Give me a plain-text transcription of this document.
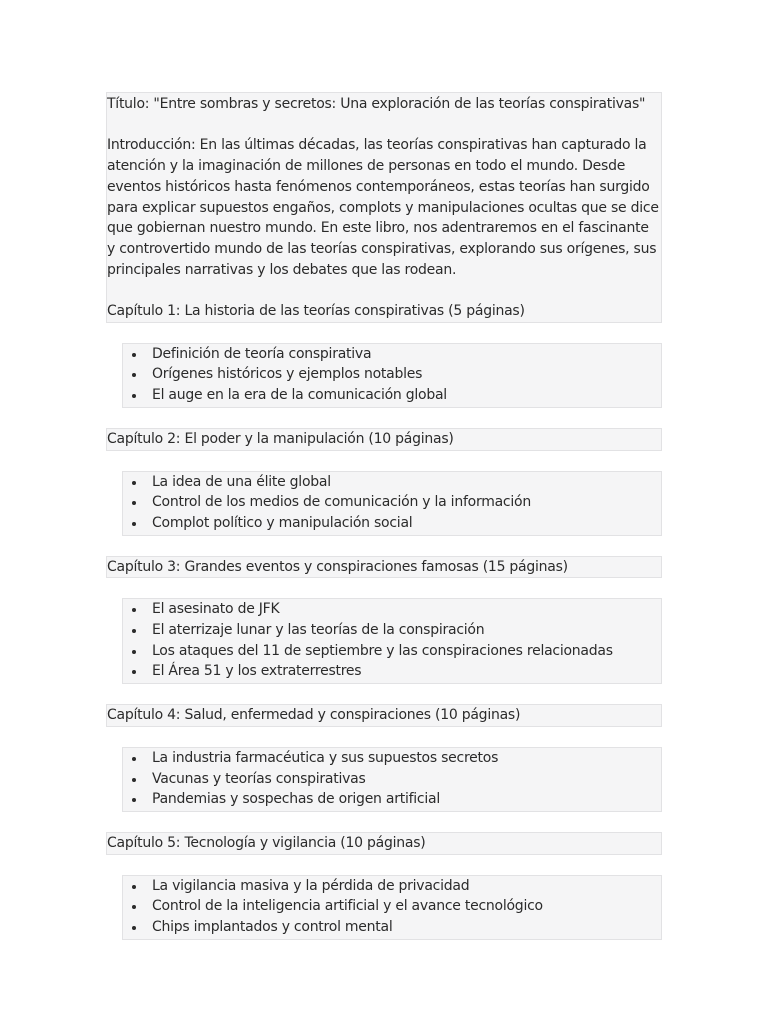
Título: "Entre sombras y secretos: Una exploración de las teorías conspirativas"

Introducción: En las últimas décadas, las teorías conspirativas han capturado la atención y la imaginación de millones de personas en todo el mundo. Desde eventos históricos hasta fenómenos contemporáneos, estas teorías han surgido para explicar supuestos engaños, complots y manipulaciones ocultas que se dice que gobiernan nuestro mundo. En este libro, nos adentraremos en el fascinante y controvertido mundo de las teorías conspirativas, explorando sus orígenes, sus principales narrativas y los debates que las rodean.

Capítulo 1: La historia de las teorías conspirativas (5 páginas)
Definición de teoría conspirativa
Orígenes históricos y ejemplos notables
El auge en la era de la comunicación global
Capítulo 2: El poder y la manipulación (10 páginas)
La idea de una élite global
Control de los medios de comunicación y la información
Complot político y manipulación social
Capítulo 3: Grandes eventos y conspiraciones famosas (15 páginas)
El asesinato de JFK
El aterrizaje lunar y las teorías de la conspiración
Los ataques del 11 de septiembre y las conspiraciones relacionadas
El Área 51 y los extraterrestres
Capítulo 4: Salud, enfermedad y conspiraciones (10 páginas)
La industria farmacéutica y sus supuestos secretos
Vacunas y teorías conspirativas
Pandemias y sospechas de origen artificial
Capítulo 5: Tecnología y vigilancia (10 páginas)
La vigilancia masiva y la pérdida de privacidad
Control de la inteligencia artificial y el avance tecnológico
Chips implantados y control mental
